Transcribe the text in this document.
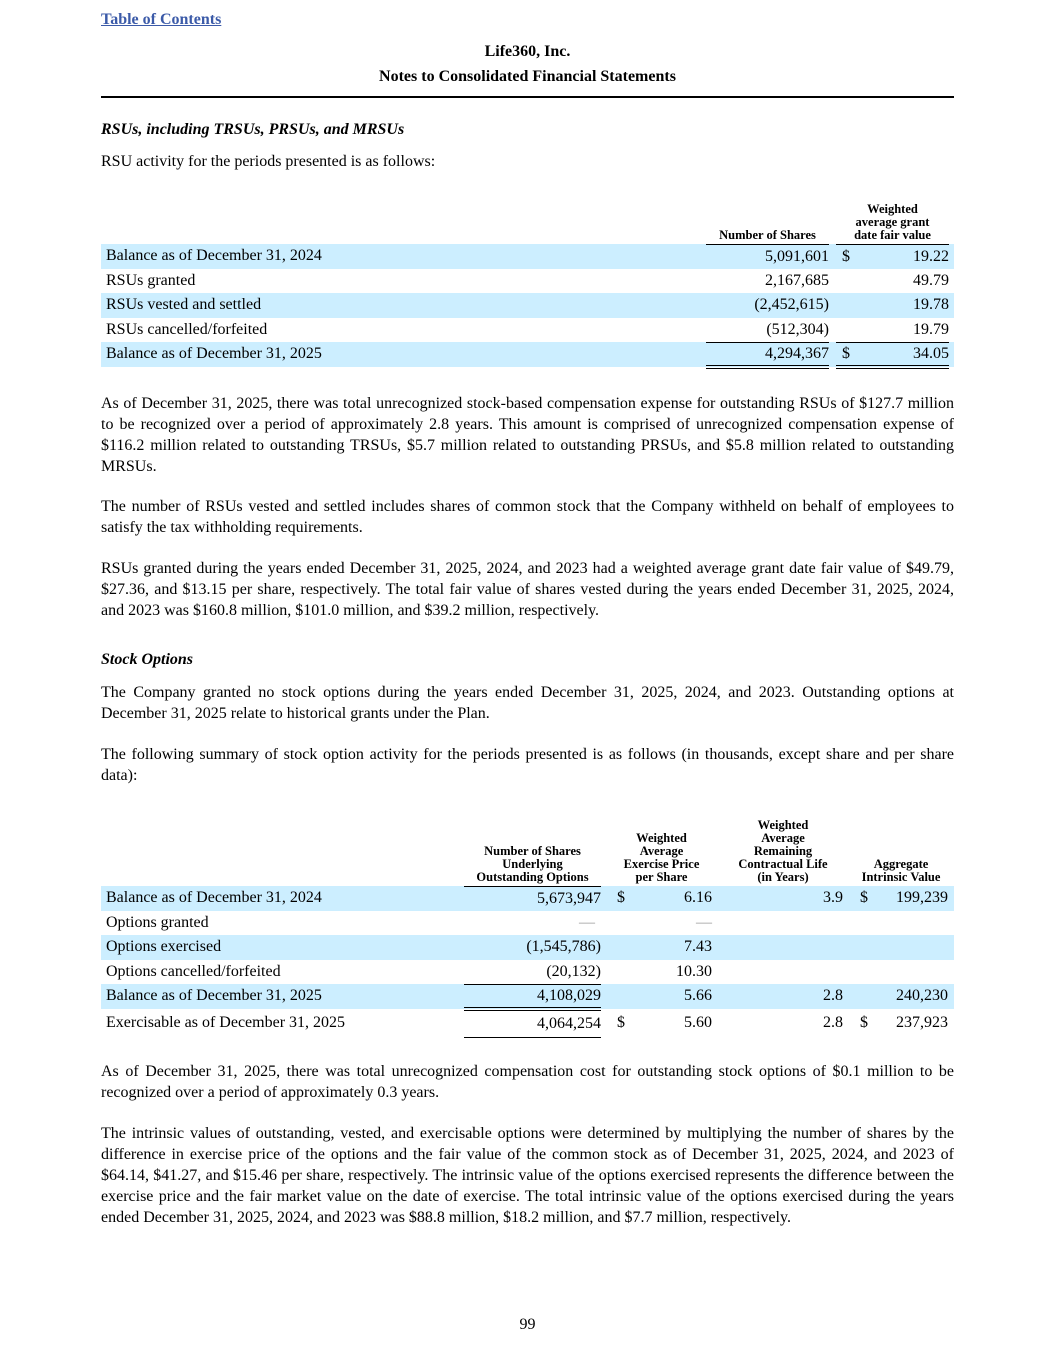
Table of Contents
Life360, Inc.
Notes to Consolidated Financial Statements
RSUs, including TRSUs, PRSUs, and MRSUs
RSU activity for the periods presented is as follows:
	Number of Shares		Weighted
average grant
date fair value		
Balance as of December 31, 2024	5,091,601		$	19.22	
RSUs granted	2,167,685			49.79	
RSUs vested and settled	(2,452,615)			19.78	
RSUs cancelled/forfeited	(512,304)			19.79	
Balance as of December 31, 2025	4,294,367		$	34.05	
As of December 31, 2025, there was total unrecognized stock-based compensation expense for outstanding RSUs of $127.7 million to be recognized over a period of approximately 2.8 years. This amount is comprised of unrecognized compensation expense of $116.2 million related to outstanding TRSUs, $5.7 million related to outstanding PRSUs, and $5.8 million related to outstanding MRSUs.
The number of RSUs vested and settled includes shares of common stock that the Company withheld on behalf of employees to satisfy the tax withholding requirements.
RSUs granted during the years ended December 31, 2025, 2024, and 2023 had a weighted average grant date fair value of $49.79, $27.36, and $13.15 per share, respectively. The total fair value of shares vested during the years ended December 31, 2025, 2024, and 2023 was $160.8 million, $101.0 million, and $39.2 million, respectively.
Stock Options
The Company granted no stock options during the years ended December 31, 2025, 2024, and 2023. Outstanding options at December 31, 2025 relate to historical grants under the Plan.
The following summary of stock option activity for the periods presented is as follows (in thousands, except share and per share data):
	Number of Shares
Underlying
Outstanding Options		Weighted
Average
Exercise Price
per Share			Weighted
Average
Remaining
Contractual Life
(in Years)		Aggregate
Intrinsic Value		
Balance as of December 31, 2024	5,673,947		$	6.16		3.9		$	199,239	
Options granted	—			—						
Options exercised	(1,545,786)			7.43						
Options cancelled/forfeited	(20,132)			10.30						
Balance as of December 31, 2025	4,108,029			5.66		2.8			240,230	
Exercisable as of December 31, 2025	4,064,254		$	5.60		2.8		$	237,923	
As of December 31, 2025, there was total unrecognized compensation cost for outstanding stock options of $0.1 million to be recognized over a period of approximately 0.3 years.
The intrinsic values of outstanding, vested, and exercisable options were determined by multiplying the number of shares by the difference in exercise price of the options and the fair value of the common stock as of December 31, 2025, 2024, and 2023 of $64.14, $41.27, and $15.46 per share, respectively. The intrinsic value of the options exercised represents the difference between the exercise price and the fair market value on the date of exercise. The total intrinsic value of the options exercised during the years ended December 31, 2025, 2024, and 2023 was $88.8 million, $18.2 million, and $7.7 million, respectively.
99
